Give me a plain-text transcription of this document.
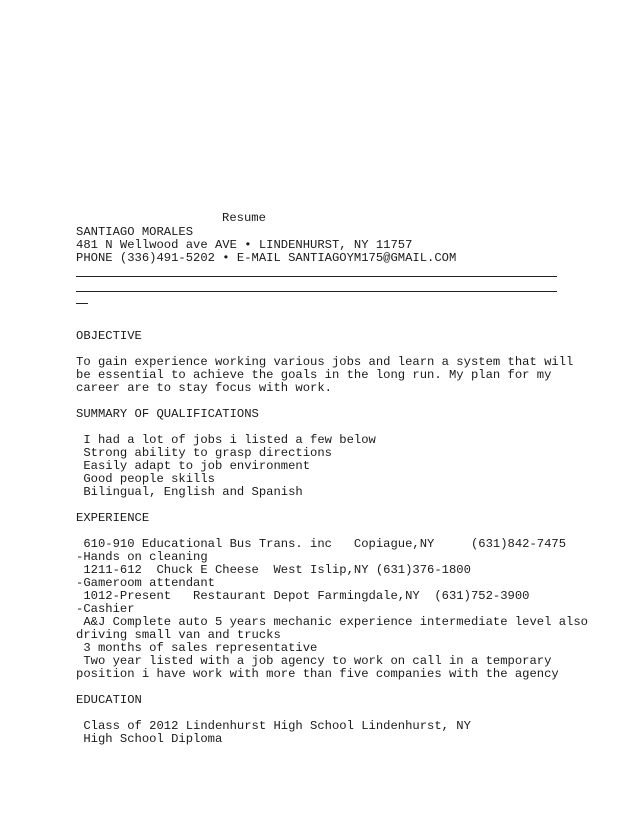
Resume
SANTIAGO MORALES
481 N Wellwood ave AVE • LINDENHURST, NY 11757
PHONE (336)491-5202 • E-MAIL SANTIAGOYM175@GMAIL.COM
OBJECTIVE
To gain experience working various jobs and learn a system that will
be essential to achieve the goals in the long run. My plan for my
career are to stay focus with work.
SUMMARY OF QUALIFICATIONS
I had a lot of jobs i listed a few below
Strong ability to grasp directions
Easily adapt to job environment
Good people skills
Bilingual, English and Spanish
EXPERIENCE
610-910 Educational Bus Trans. inc   Copiague,NY     (631)842-7475
-Hands on cleaning
1211-612  Chuck E Cheese  West Islip,NY (631)376-1800
-Gameroom attendant
1012-Present   Restaurant Depot Farmingdale,NY  (631)752-3900
-Cashier
A&J Complete auto 5 years mechanic experience intermediate level also
driving small van and trucks
3 months of sales representative
Two year listed with a job agency to work on call in a temporary
position i have work with more than five companies with the agency
EDUCATION
Class of 2012 Lindenhurst High School Lindenhurst, NY
High School Diploma
